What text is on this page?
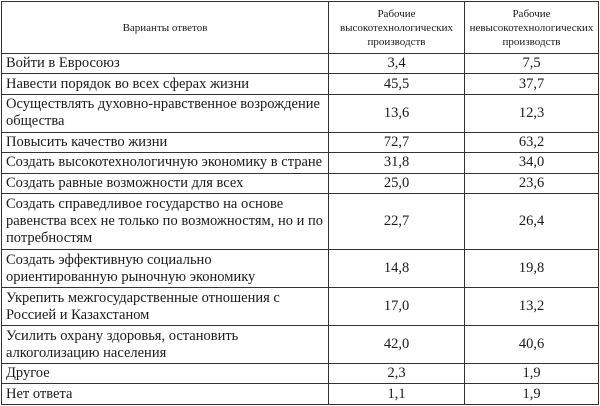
Варианты ответов	Рабочие высокотехнологических производств	Рабочие невысокотехнологических производств
Войти в Евросоюз	3,4	7,5
Навести порядок во всех сферах жизни	45,5	37,7
Осуществлять духовно-нравственное возрождение общества	13,6	12,3
Повысить качество жизни	72,7	63,2
Создать высокотехнологичную экономику в стране	31,8	34,0
Создать равные возможности для всех	25,0	23,6
Создать справедливое государство на основе равенства всех не только по возможностям, но и по потребностям	22,7	26,4
Создать эффективную социально ориентированную рыночную экономику	14,8	19,8
Укрепить межгосударственные отношения с Россией и Казахстаном	17,0	13,2
Усилить охрану здоровья, остановить алкоголизацию населения	42,0	40,6
Другое	2,3	1,9
Нет ответа	1,1	1,9
